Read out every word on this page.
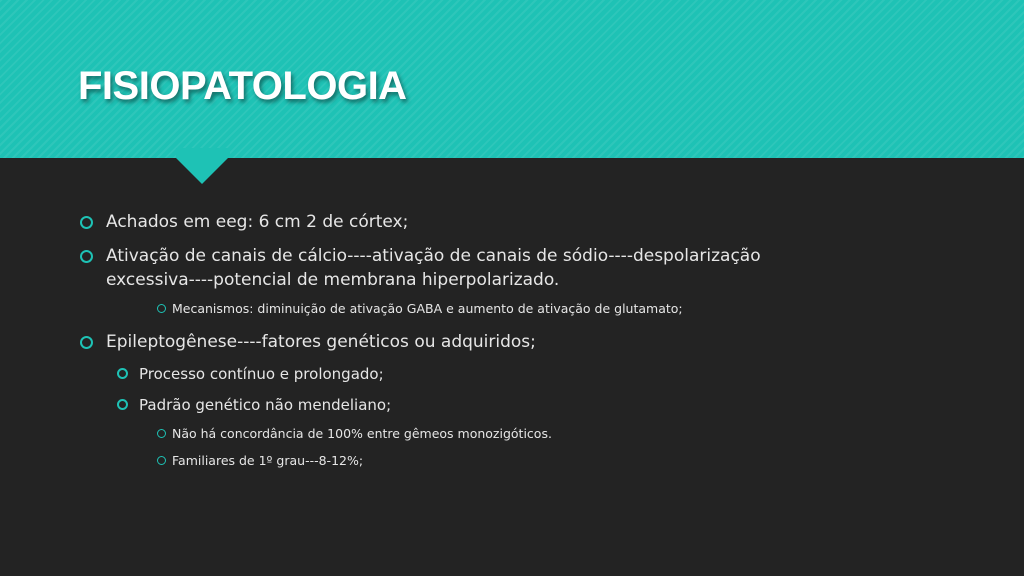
FISIOPATOLOGIA
Achados em eeg: 6 cm 2 de córtex;
Ativação de canais de cálcio----ativação de canais de sódio----despolarização
excessiva----potencial de membrana hiperpolarizado.
Mecanismos: diminuição de ativação GABA e aumento de ativação de glutamato;
Epileptogênese----fatores genéticos ou adquiridos;
Processo contínuo e prolongado;
Padrão genético não mendeliano;
Não há concordância de 100% entre gêmeos monozigóticos.
Familiares de 1º grau---8-12%;
